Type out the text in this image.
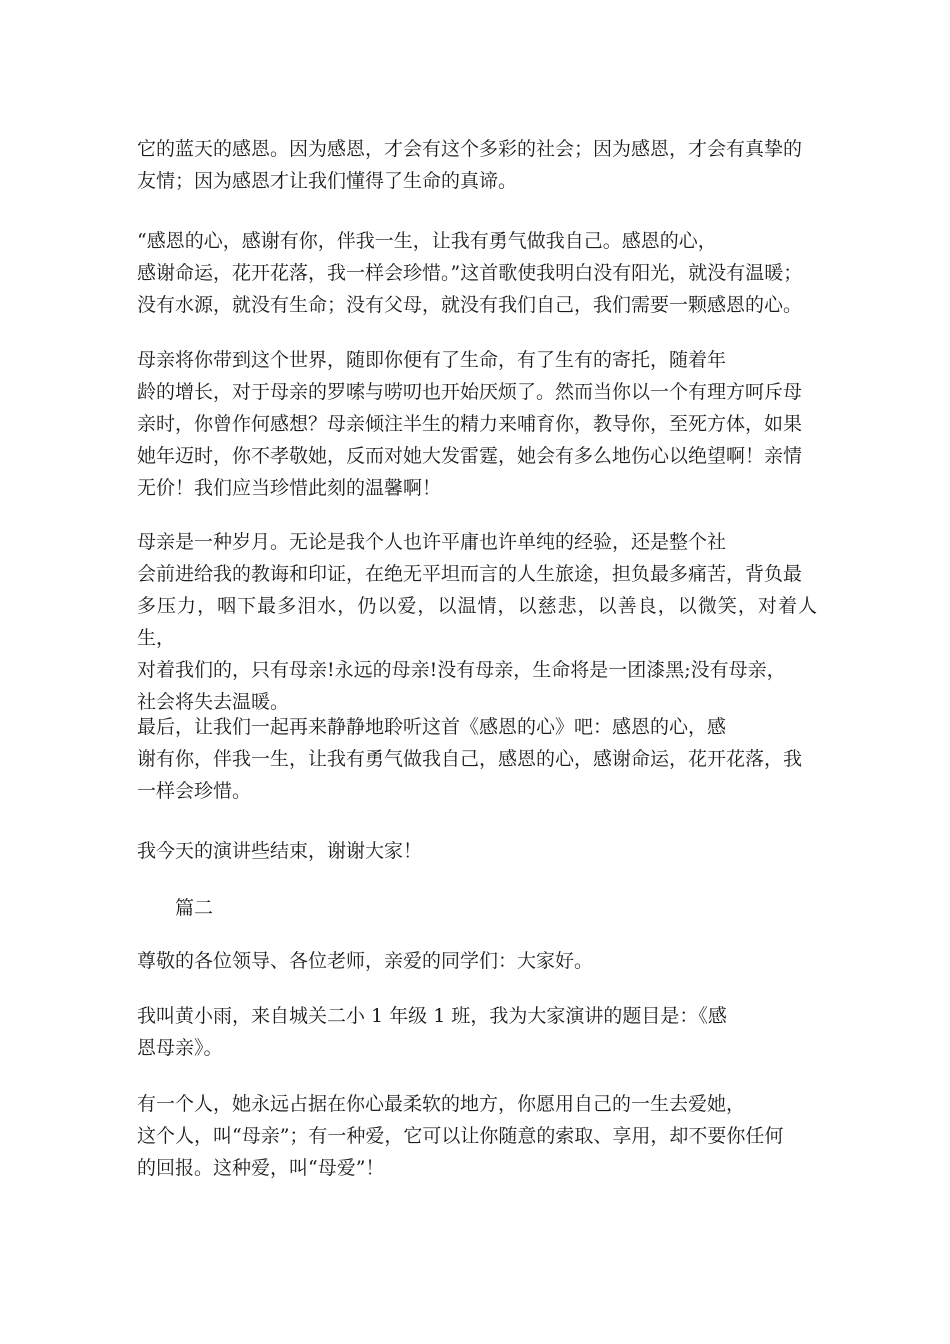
它的蓝天的感恩。因为感恩，才会有这个多彩的社会；因为感恩，才会有真挚的
友情；因为感恩才让我们懂得了生命的真谛。

“感恩的心，感谢有你，伴我一生，让我有勇气做我自己。感恩的心，
感谢命运，花开花落，我一样会珍惜。”这首歌使我明白没有阳光，就没有温暖；
没有水源，就没有生命；没有父母，就没有我们自己，我们需要一颗感恩的心。

母亲将你带到这个世界，随即你便有了生命，有了生有的寄托，随着年
龄的增长，对于母亲的罗嗦与唠叨也开始厌烦了。然而当你以一个有理方呵斥母
亲时，你曾作何感想？母亲倾注半生的精力来哺育你，教导你，至死方体，如果
她年迈时，你不孝敬她，反而对她大发雷霆，她会有多么地伤心以绝望啊！亲情
无价！我们应当珍惜此刻的温馨啊！

母亲是一种岁月。无论是我个人也许平庸也许单纯的经验，还是整个社
会前进给我的教诲和印证，在绝无平坦而言的人生旅途，担负最多痛苦，背负最
多压力，咽下最多泪水，仍以爱，以温情，以慈悲，以善良，以微笑，对着人生，
对着我们的，只有母亲!永远的母亲!没有母亲，生命将是一团漆黑;没有母亲，
社会将失去温暖。

最后，让我们一起再来静静地聆听这首《感恩的心》吧：感恩的心，感
谢有你，伴我一生，让我有勇气做我自己，感恩的心，感谢命运，花开花落，我
一样会珍惜。

我今天的演讲些结束，谢谢大家！

篇二

尊敬的各位领导、各位老师，亲爱的同学们：大家好。

我叫黄小雨，来自城关二小 1 年级 1 班，我为大家演讲的题目是：《感
恩母亲》。

有一个人，她永远占据在你心最柔软的地方，你愿用自己的一生去爱她，
这个人，叫“母亲”；有一种爱，它可以让你随意的索取、享用，却不要你任何
的回报。这种爱，叫“母爱”！
